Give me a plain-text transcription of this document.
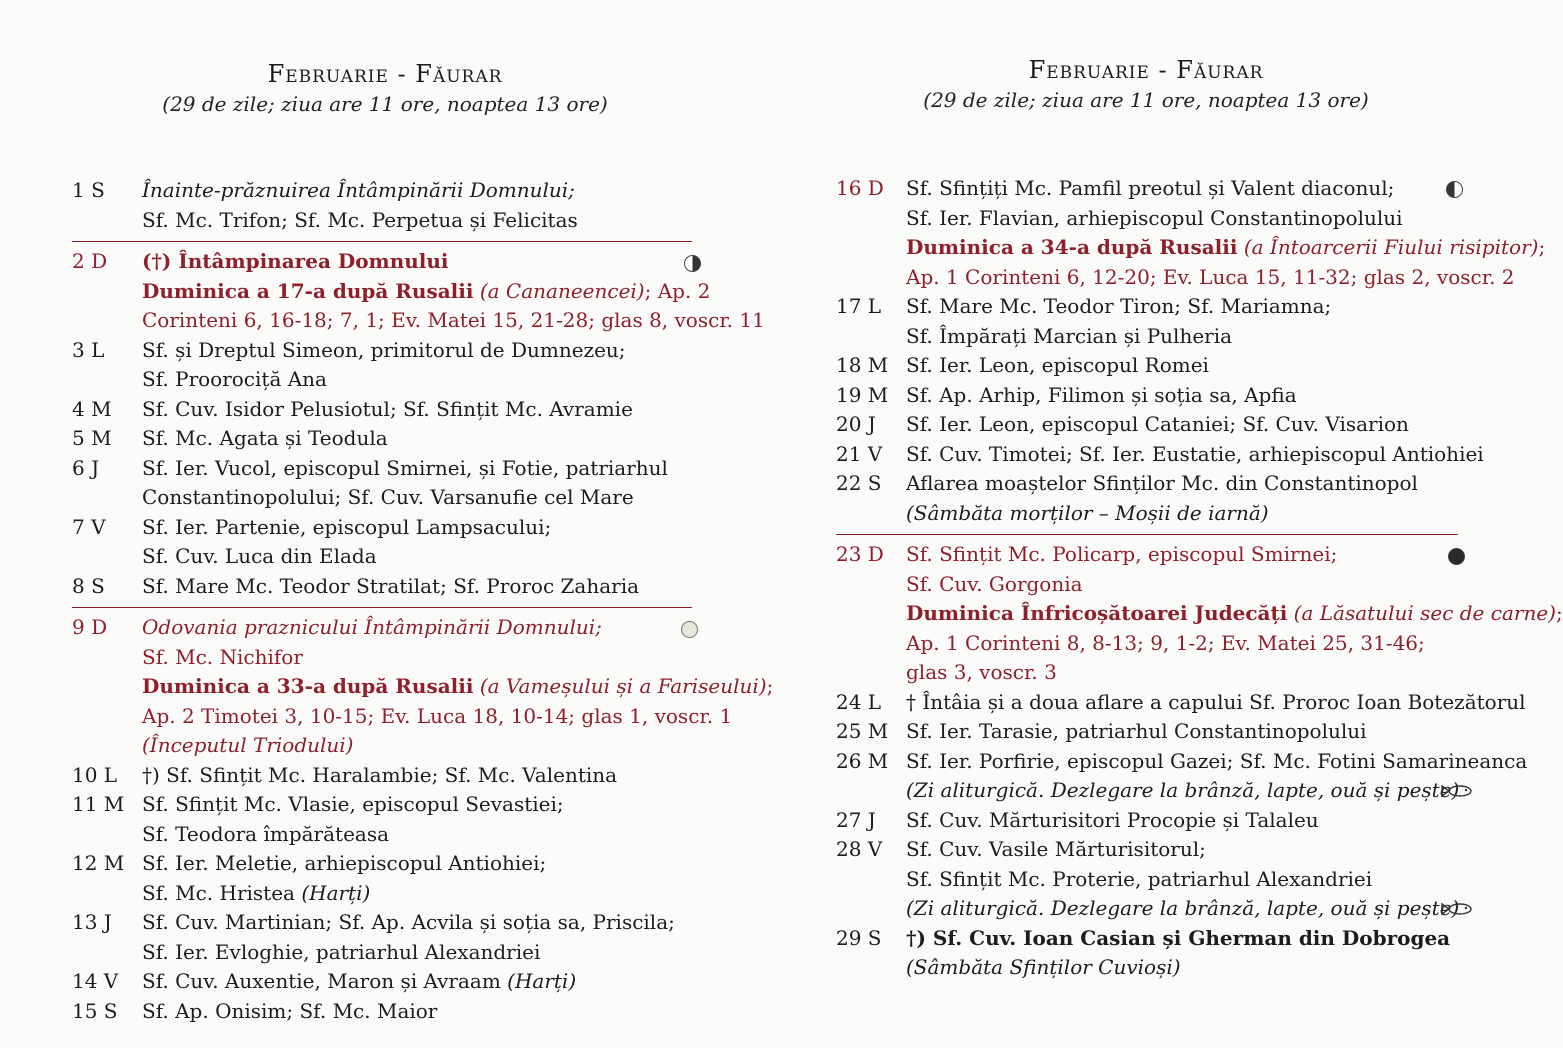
Februarie - Făurar
(29 de zile; ziua are 11 ore, noaptea 13 ore)
1 S	Înainte-prăznuirea Întâmpinării Domnului;
Sf. Mc. Trifon; Sf. Mc. Perpetua și Felicitas
2 D	(†) Întâmpinarea Domnului
Duminica a 17-a după Rusalii (a Cananeencei); Ap. 2
Corinteni 6, 16-18; 7, 1; Ev. Matei 15, 21-28; glas 8, voscr. 11
3 L	Sf. și Dreptul Simeon, primitorul de Dumnezeu;
Sf. Proorociță Ana
4 M	Sf. Cuv. Isidor Pelusiotul; Sf. Sfințit Mc. Avramie
5 M	Sf. Mc. Agata și Teodula
6 J	Sf. Ier. Vucol, episcopul Smirnei, și Fotie, patriarhul
Constantinopolului; Sf. Cuv. Varsanufie cel Mare
7 V	Sf. Ier. Partenie, episcopul Lampsacului;
Sf. Cuv. Luca din Elada
8 S	Sf. Mare Mc. Teodor Stratilat; Sf. Proroc Zaharia
9 D	Odovania praznicului Întâmpinării Domnului;
Sf. Mc. Nichifor
Duminica a 33-a după Rusalii (a Vameșului și a Fariseului);
Ap. 2 Timotei 3, 10-15; Ev. Luca 18, 10-14; glas 1, voscr. 1
(Începutul Triodului)
10 L	†) Sf. Sfințit Mc. Haralambie; Sf. Mc. Valentina
11 M Sf. Sfințit Mc. Vlasie, episcopul Sevastiei;
Sf. Teodora împărăteasa
12 M Sf. Ier. Meletie, arhiepiscopul Antiohiei;
Sf. Mc. Hristea (Harți)
13 J	Sf. Cuv. Martinian; Sf. Ap. Acvila și soția sa, Priscila;
Sf. Ier. Evloghie, patriarhul Alexandriei
14 V	Sf. Cuv. Auxentie, Maron și Avraam (Harți)
15 S	Sf. Ap. Onisim; Sf. Mc. Maior
Februarie - Făurar
(29 de zile; ziua are 11 ore, noaptea 13 ore)
16 D	Sf. Sfințiți Mc. Pamfil preotul și Valent diaconul;
Sf. Ier. Flavian, arhiepiscopul Constantinopolului
Duminica a 34-a după Rusalii (a Întoarcerii Fiului risipitor);
Ap. 1 Corinteni 6, 12-20; Ev. Luca 15, 11-32; glas 2, voscr. 2
17 L	Sf. Mare Mc. Teodor Tiron; Sf. Mariamna;
Sf. Împărați Marcian și Pulheria
18 M Sf. Ier. Leon, episcopul Romei
19 M Sf. Ap. Arhip, Filimon și soția sa, Apfia
20 J	Sf. Ier. Leon, episcopul Cataniei; Sf. Cuv. Visarion
21 V	Sf. Cuv. Timotei; Sf. Ier. Eustatie, arhiepiscopul Antiohiei
22 S	Aflarea moaștelor Sfinților Mc. din Constantinopol
(Sâmbăta morților – Moșii de iarnă)
23 D	Sf. Sfințit Mc. Policarp, episcopul Smirnei;
Sf. Cuv. Gorgonia
Duminica Înfricoșătoarei Judecăți (a Lăsatului sec de carne);
Ap. 1 Corinteni 8, 8-13; 9, 1-2; Ev. Matei 25, 31-46;
glas 3, voscr. 3
24 L	† Întâia și a doua aflare a capului Sf. Proroc Ioan Botezătorul
25 M Sf. Ier. Tarasie, patriarhul Constantinopolului
26 M Sf. Ier. Porfirie, episcopul Gazei; Sf. Mc. Fotini Samarineanca
(Zi aliturgică. Dezlegare la brânză, lapte, ouă și pește)
27 J	Sf. Cuv. Mărturisitori Procopie și Talaleu
28 V	Sf. Cuv. Vasile Mărturisitorul;
Sf. Sfințit Mc. Proterie, patriarhul Alexandriei
(Zi aliturgică. Dezlegare la brânză, lapte, ouă și pește)
29 S	†) Sf. Cuv. Ioan Casian și Gherman din Dobrogea
(Sâmbăta Sfinților Cuvioși)
